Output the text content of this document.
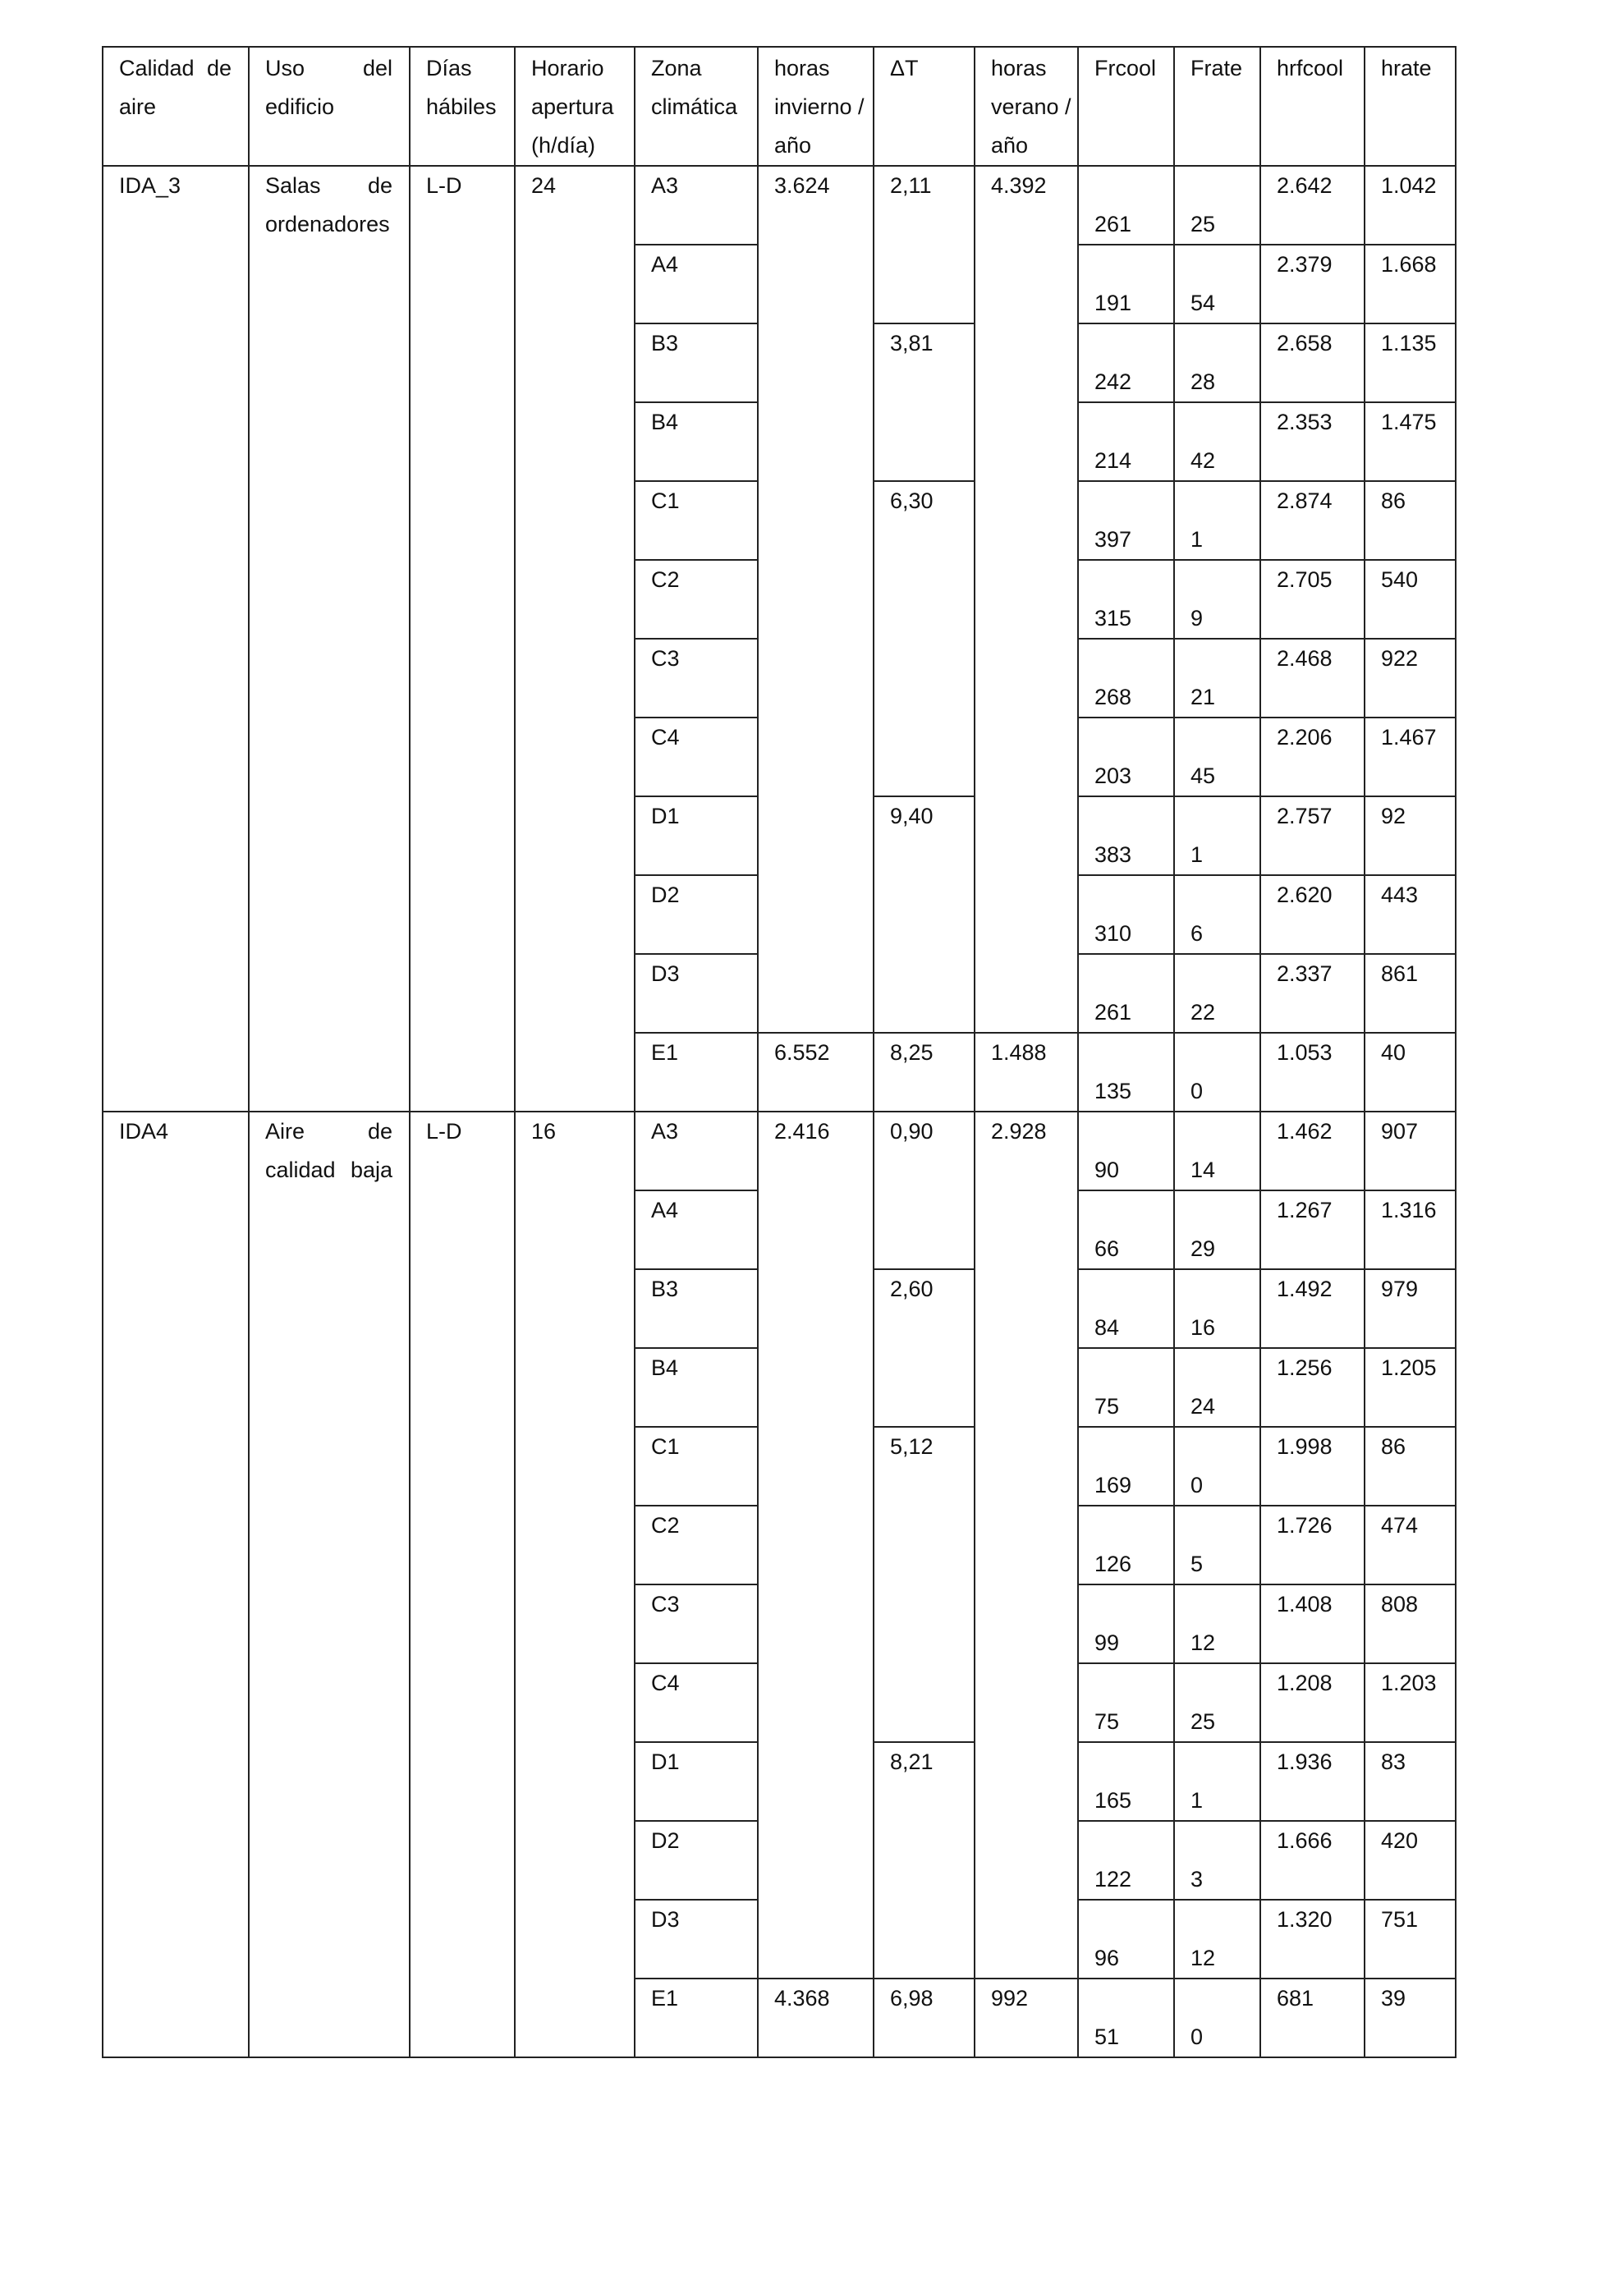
Calidad de aire	Uso del edificio	Días hábiles	Horario apertura (h/día)	Zona climática	horas invierno / año	ΔT	horas verano / año	Frcool	Frate	hrfcool	hrate
IDA_3	Salas de ordenadores	L-D	24	A3	3.624	2,11	4.392	261	25	2.642	1.042
				A4				191	54	2.379	1.668
				B3		3,81		242	28	2.658	1.135
				B4				214	42	2.353	1.475
				C1		6,30		397	1	2.874	86
				C2				315	9	2.705	540
				C3				268	21	2.468	922
				C4				203	45	2.206	1.467
				D1		9,40		383	1	2.757	92
				D2				310	6	2.620	443
				D3				261	22	2.337	861
				E1	6.552	8,25	1.488	135	0	1.053	40
IDA4	Aire de calidad baja	L-D	16	A3	2.416	0,90	2.928	90	14	1.462	907
				A4				66	29	1.267	1.316
				B3		2,60		84	16	1.492	979
				B4				75	24	1.256	1.205
				C1		5,12		169	0	1.998	86
				C2				126	5	1.726	474
				C3				99	12	1.408	808
				C4				75	25	1.208	1.203
				D1		8,21		165	1	1.936	83
				D2				122	3	1.666	420
				D3				96	12	1.320	751
				E1	4.368	6,98	992	51	0	681	39
